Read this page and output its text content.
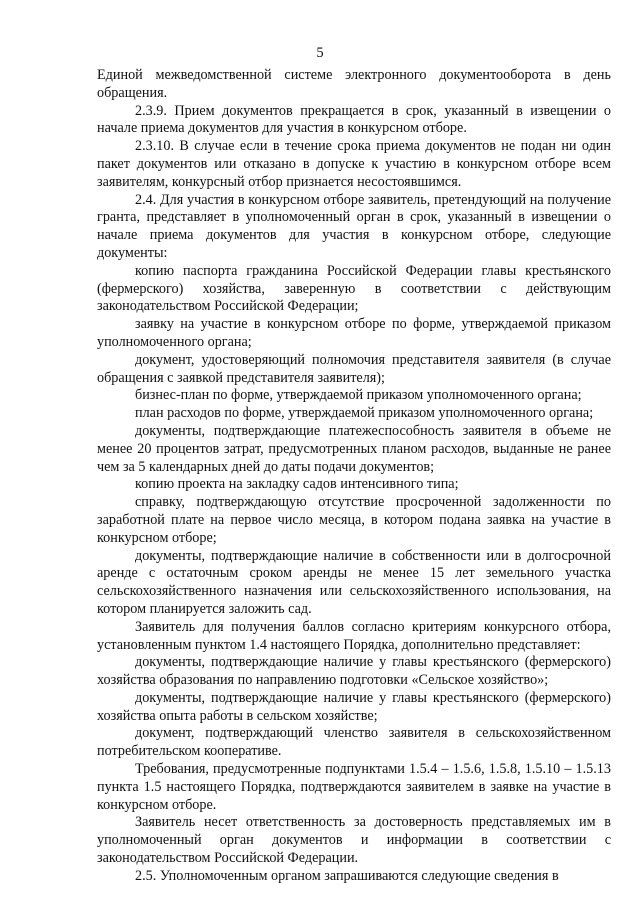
5

Единой межведомственной системе электронного документооборота в день обращения.

2.3.9. Прием документов прекращается в срок, указанный в извещении о начале приема документов для участия в конкурсном отборе.

2.3.10. В случае если в течение срока приема документов не подан ни один пакет документов или отказано в допуске к участию в конкурсном отборе всем заявителям, конкурсный отбор признается несостоявшимся.

2.4. Для участия в конкурсном отборе заявитель, претендующий на получение гранта, представляет в уполномоченный орган в срок, указанный в извещении о начале приема документов для участия в конкурсном отборе, следующие документы:

копию паспорта гражданина Российской Федерации главы крестьянского (фермерского) хозяйства, заверенную в соответствии с действующим законодательством Российской Федерации;

заявку на участие в конкурсном отборе по форме, утверждаемой приказом уполномоченного органа;

документ, удостоверяющий полномочия представителя заявителя (в случае обращения с заявкой представителя заявителя);

бизнес-план по форме, утверждаемой приказом уполномоченного органа;

план расходов по форме, утверждаемой приказом уполномоченного органа;

документы, подтверждающие платежеспособность заявителя в объеме не менее 20 процентов затрат, предусмотренных планом расходов, выданные не ранее чем за 5 календарных дней до даты подачи документов;

копию проекта на закладку садов интенсивного типа;

справку, подтверждающую отсутствие просроченной задолженности по заработной плате на первое число месяца, в котором подана заявка на участие в конкурсном отборе;

документы, подтверждающие наличие в собственности или в долгосрочной аренде с остаточным сроком аренды не менее 15 лет земельного участка сельскохозяйственного назначения или сельскохозяйственного использования, на котором планируется заложить сад.

Заявитель для получения баллов согласно критериям конкурсного отбора, установленным пунктом 1.4 настоящего Порядка, дополнительно представляет:

документы, подтверждающие наличие у главы крестьянского (фермерского) хозяйства образования по направлению подготовки «Сельское хозяйство»;

документы, подтверждающие наличие у главы крестьянского (фермерского) хозяйства опыта работы в сельском хозяйстве;

документ, подтверждающий членство заявителя в сельскохозяйственном потребительском кооперативе.

Требования, предусмотренные подпунктами 1.5.4 – 1.5.6, 1.5.8, 1.5.10 – 1.5.13 пункта 1.5 настоящего Порядка, подтверждаются заявителем в заявке на участие в конкурсном отборе.

Заявитель несет ответственность за достоверность представляемых им в уполномоченный орган документов и информации в соответствии с законодательством Российской Федерации.

2.5. Уполномоченным органом запрашиваются следующие сведения в
